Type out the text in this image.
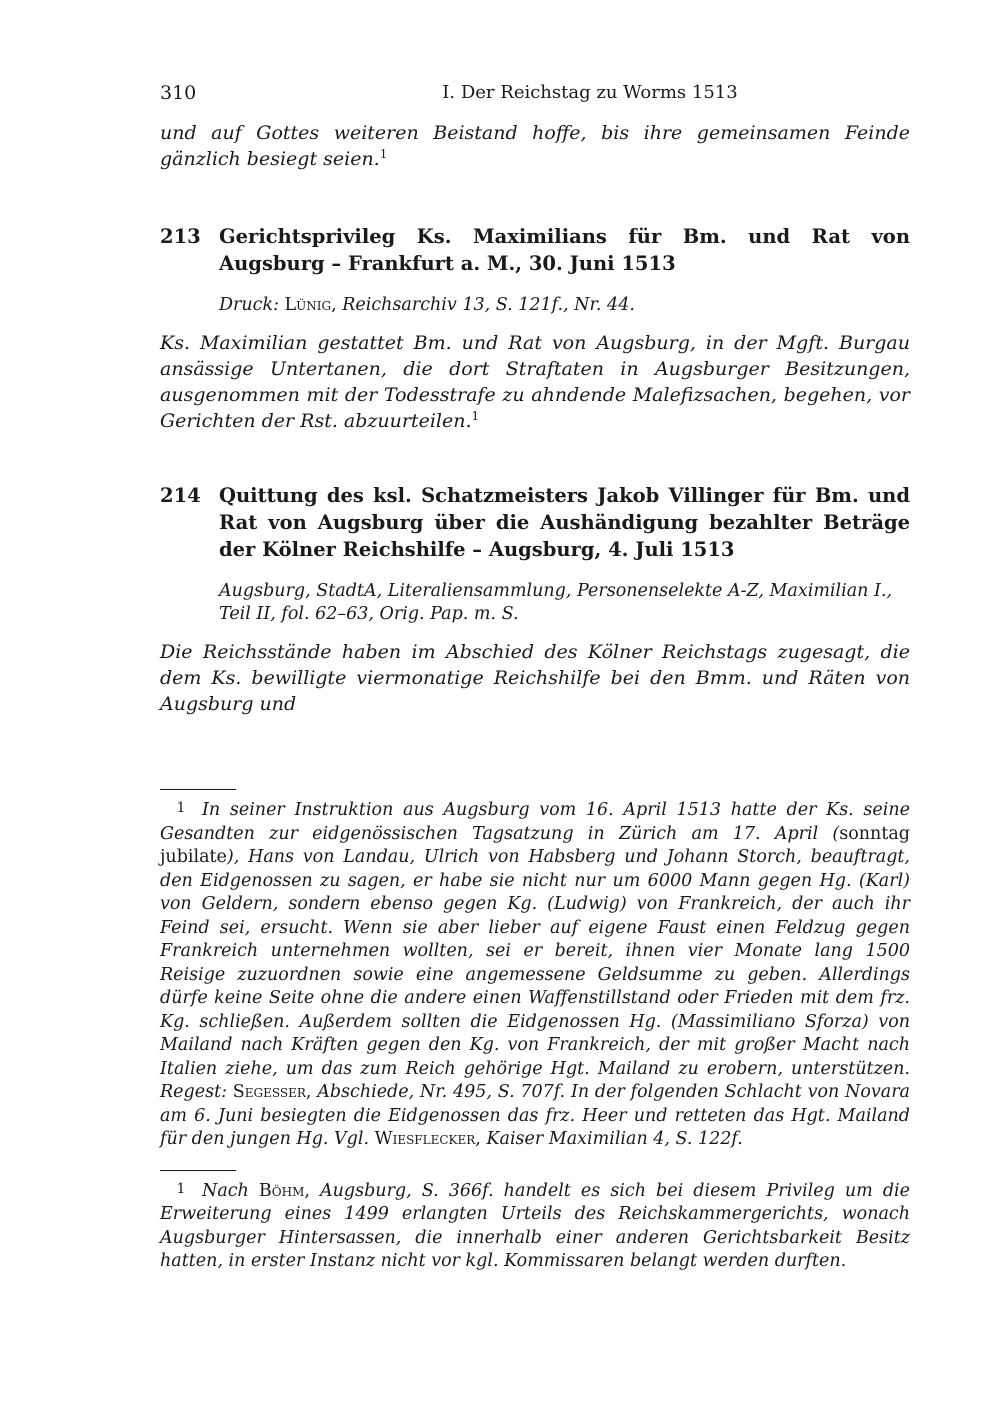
310	I. Der Reichstag zu Worms 1513

und auf Gottes weiteren Beistand hoffe, bis ihre gemeinsamen Feinde gänzlich besiegt seien.$^1$

213 Gerichtsprivileg Ks. Maximilians für Bm. und Rat von Augsburg – Frankfurt a. M., 30. Juni 1513

Druck: Lünig, Reichsarchiv 13, S. 121f., Nr. 44.

Ks. Maximilian gestattet Bm. und Rat von Augsburg, in der Mgft. Burgau ansässige Untertanen, die dort Straftaten in Augsburger Besitzungen, ausgenommen mit der Todesstrafe zu ahndende Malefizsachen, begehen, vor Gerichten der Rst. abzuurteilen.$^1$

214 Quittung des ksl. Schatzmeisters Jakob Villinger für Bm. und Rat von Augsburg über die Aushändigung bezahlter Beträge der Kölner Reichshilfe – Augsburg, 4. Juli 1513

Augsburg, StadtA, Literaliensammlung, Personenselekte A-Z, Maximilian I., Teil II, fol. 62–63, Orig. Pap. m. S.

Die Reichsstände haben im Abschied des Kölner Reichstags zugesagt, die dem Ks. bewilligte viermonatige Reichshilfe bei den Bmm. und Räten von Augsburg und

1 In seiner Instruktion aus Augsburg vom 16. April 1513 hatte der Ks. seine Gesandten zur eidgenössischen Tagsatzung in Zürich am 17. April (sonntag jubilate), Hans von Landau, Ulrich von Habsberg und Johann Storch, beauftragt, den Eidgenossen zu sagen, er habe sie nicht nur um 6000 Mann gegen Hg. (Karl) von Geldern, sondern ebenso gegen Kg. (Ludwig) von Frankreich, der auch ihr Feind sei, ersucht. Wenn sie aber lieber auf eigene Faust einen Feldzug gegen Frankreich unternehmen wollten, sei er bereit, ihnen vier Monate lang 1500 Reisige zuzuordnen sowie eine angemessene Geldsumme zu geben. Allerdings dürfe keine Seite ohne die andere einen Waffenstillstand oder Frieden mit dem frz. Kg. schließen. Außerdem sollten die Eidgenossen Hg. (Massimiliano Sforza) von Mailand nach Kräften gegen den Kg. von Frankreich, der mit großer Macht nach Italien ziehe, um das zum Reich gehörige Hgt. Mailand zu erobern, unterstützen. Regest: Segesser, Abschiede, Nr. 495, S. 707f. In der folgenden Schlacht von Novara am 6. Juni besiegten die Eidgenossen das frz. Heer und retteten das Hgt. Mailand für den jungen Hg. Vgl. Wiesflecker, Kaiser Maximilian 4, S. 122f.

1 Nach Böhm, Augsburg, S. 366f. handelt es sich bei diesem Privileg um die Erweiterung eines 1499 erlangten Urteils des Reichskammergerichts, wonach Augsburger Hintersassen, die innerhalb einer anderen Gerichtsbarkeit Besitz hatten, in erster Instanz nicht vor kgl. Kommissaren belangt werden durften.
